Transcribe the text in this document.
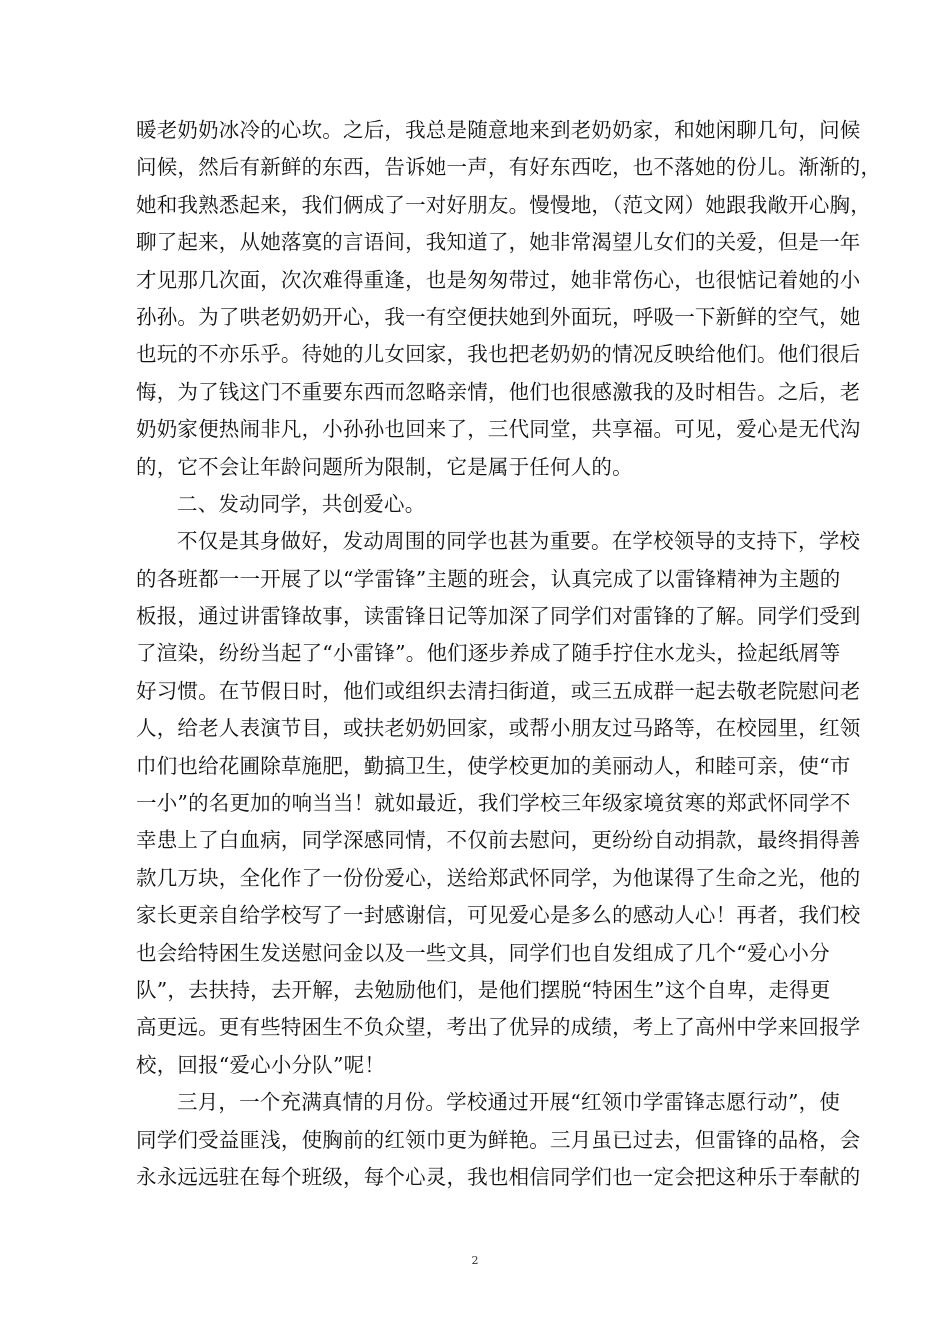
暖老奶奶冰冷的心坎。之后，我总是随意地来到老奶奶家，和她闲聊几句，问候
问候，然后有新鲜的东西，告诉她一声，有好东西吃，也不落她的份儿。渐渐的，
她和我熟悉起来，我们俩成了一对好朋友。慢慢地，（范文网）她跟我敞开心胸，
聊了起来，从她落寞的言语间，我知道了，她非常渴望儿女们的关爱，但是一年
才见那几次面，次次难得重逢，也是匆匆带过，她非常伤心，也很惦记着她的小
孙孙。为了哄老奶奶开心，我一有空便扶她到外面玩，呼吸一下新鲜的空气，她
也玩的不亦乐乎。待她的儿女回家，我也把老奶奶的情况反映给他们。他们很后
悔，为了钱这门不重要东西而忽略亲情，他们也很感激我的及时相告。之后，老
奶奶家便热闹非凡，小孙孙也回来了，三代同堂，共享福。可见，爱心是无代沟
的，它不会让年龄问题所为限制，它是属于任何人的。
二、发动同学，共创爱心。
不仅是其身做好，发动周围的同学也甚为重要。在学校领导的支持下，学校
的各班都一一开展了以“学雷锋”主题的班会，认真完成了以雷锋精神为主题的
板报，通过讲雷锋故事，读雷锋日记等加深了同学们对雷锋的了解。同学们受到
了渲染，纷纷当起了“小雷锋”。他们逐步养成了随手拧住水龙头，捡起纸屑等
好习惯。在节假日时，他们或组织去清扫街道，或三五成群一起去敬老院慰问老
人，给老人表演节目，或扶老奶奶回家，或帮小朋友过马路等，在校园里，红领
巾们也给花圃除草施肥，勤搞卫生，使学校更加的美丽动人，和睦可亲，使“市
一小”的名更加的响当当！就如最近，我们学校三年级家境贫寒的郑武怀同学不
幸患上了白血病，同学深感同情，不仅前去慰问，更纷纷自动捐款，最终捐得善
款几万块，全化作了一份份爱心，送给郑武怀同学，为他谋得了生命之光，他的
家长更亲自给学校写了一封感谢信，可见爱心是多么的感动人心！再者，我们校
也会给特困生发送慰问金以及一些文具，同学们也自发组成了几个“爱心小分
队”，去扶持，去开解，去勉励他们，是他们摆脱“特困生”这个自卑，走得更
高更远。更有些特困生不负众望，考出了优异的成绩，考上了高州中学来回报学
校，回报“爱心小分队”呢！
三月，一个充满真情的月份。学校通过开展“红领巾学雷锋志愿行动”，使
同学们受益匪浅，使胸前的红领巾更为鲜艳。三月虽已过去，但雷锋的品格，会
永永远远驻在每个班级，每个心灵，我也相信同学们也一定会把这种乐于奉献的
2
